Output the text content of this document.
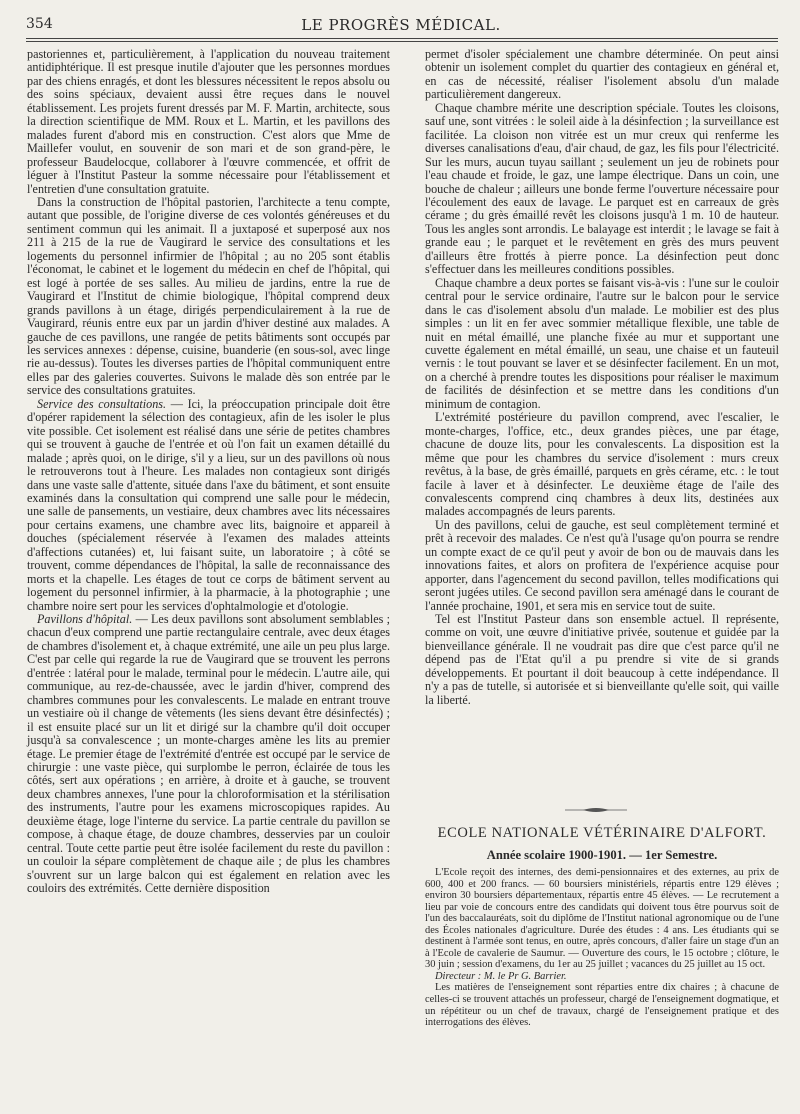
354	LE PROGRÈS MÉDICAL.

pastoriennes et, particulièrement, à l'application du nouveau traitement antidiphtérique. Il est presque inutile d'ajouter que les personnes mordues par des chiens enragés, et dont les blessures nécessitent le repos absolu ou des soins spéciaux, devaient aussi être reçues dans le nouvel établissement. Les projets furent dressés par M. F. Martin, architecte, sous la direction scientifique de MM. Roux et L. Martin, et les pavillons des malades furent d'abord mis en construction. C'est alors que Mme de Maillefer voulut, en souvenir de son mari et de son grand-père, le professeur Baudelocque, collaborer à l'œuvre commencée, et offrit de léguer à l'Institut Pasteur la somme nécessaire pour l'établissement et l'entretien d'une consultation gratuite.

Dans la construction de l'hôpital pastorien, l'architecte a tenu compte, autant que possible, de l'origine diverse de ces volontés généreuses et du sentiment commun qui les animait. Il a juxtaposé et superposé aux nos 211 à 215 de la rue de Vaugirard le service des consultations et les logements du personnel infirmier de l'hôpital ; au no 205 sont établis l'économat, le cabinet et le logement du médecin en chef de l'hôpital, qui est logé à portée de ses salles. Au milieu de jardins, entre la rue de Vaugirard et l'Institut de chimie biologique, l'hôpital comprend deux grands pavillons à un étage, dirigés perpendiculairement à la rue de Vaugirard, réunis entre eux par un jardin d'hiver destiné aux malades. A gauche de ces pavillons, une rangée de petits bâtiments sont occupés par les services annexes : dépense, cuisine, buanderie (en sous-sol, avec linge rie au-dessus). Toutes les diverses parties de l'hôpital communiquent entre elles par des galeries couvertes. Suivons le malade dès son entrée par le service des consultations gratuites.

Service des consultations. — Ici, la préoccupation principale doit être d'opérer rapidement la sélection des contagieux, afin de les isoler le plus vite possible. Cet isolement est réalisé dans une série de petites chambres qui se trouvent à gauche de l'entrée et où l'on fait un examen détaillé du malade ; après quoi, on le dirige, s'il y a lieu, sur un des pavillons où nous le retrouverons tout à l'heure. Les malades non contagieux sont dirigés dans une vaste salle d'attente, située dans l'axe du bâtiment, et sont ensuite examinés dans la consultation qui comprend une salle pour le médecin, une salle de pansements, un vestiaire, deux chambres avec lits nécessaires pour certains examens, une chambre avec lits, baignoire et appareil à douches (spécialement réservée à l'examen des malades atteints d'affections cutanées) et, lui faisant suite, un laboratoire ; à côté se trouvent, comme dépendances de l'hôpital, la salle de reconnaissance des morts et la chapelle. Les étages de tout ce corps de bâtiment servent au logement du personnel infirmier, à la pharmacie, à la photographie ; une chambre noire sert pour les services d'ophtalmologie et d'otologie.

Pavillons d'hôpital. — Les deux pavillons sont absolument semblables ; chacun d'eux comprend une partie rectangulaire centrale, avec deux étages de chambres d'isolement et, à chaque extrémité, une aile un peu plus large. C'est par celle qui regarde la rue de Vaugirard que se trouvent les perrons d'entrée : latéral pour le malade, terminal pour le médecin. L'autre aile, qui communique, au rez-de-chaussée, avec le jardin d'hiver, comprend des chambres communes pour les convalescents. Le malade en entrant trouve un vestiaire où il change de vêtements (les siens devant être désinfectés) ; il est ensuite placé sur un lit et dirigé sur la chambre qu'il doit occuper jusqu'à sa convalescence ; un monte-charges amène les lits au premier étage. Le premier étage de l'extrémité d'entrée est occupé par le service de chirurgie : une vaste pièce, qui surplombe le perron, éclairée de tous les côtés, sert aux opérations ; en arrière, à droite et à gauche, se trouvent deux chambres annexes, l'une pour la chloroformisation et la stérilisation des instruments, l'autre pour les examens microscopiques rapides. Au deuxième étage, loge l'interne du service. La partie centrale du pavillon se compose, à chaque étage, de douze chambres, desservies par un couloir central. Toute cette partie peut être isolée facilement du reste du pavillon : un couloir la sépare complètement de chaque aile ; de plus les chambres s'ouvrent sur un large balcon qui est également en relation avec les couloirs des extrémités. Cette dernière disposition

permet d'isoler spécialement une chambre déterminée. On peut ainsi obtenir un isolement complet du quartier des contagieux en général et, en cas de nécessité, réaliser l'isolement absolu d'un malade particulièrement dangereux.

Chaque chambre mérite une description spéciale. Toutes les cloisons, sauf une, sont vitrées : le soleil aide à la désinfection ; la surveillance est facilitée. La cloison non vitrée est un mur creux qui renferme les diverses canalisations d'eau, d'air chaud, de gaz, les fils pour l'électricité. Sur les murs, aucun tuyau saillant ; seulement un jeu de robinets pour l'eau chaude et froide, le gaz, une lampe électrique. Dans un coin, une bouche de chaleur ; ailleurs une bonde ferme l'ouverture nécessaire pour l'écoulement des eaux de lavage. Le parquet est en carreaux de grès cérame ; du grès émaillé revêt les cloisons jusqu'à 1 m. 10 de hauteur. Tous les angles sont arrondis. Le balayage est interdit ; le lavage se fait à grande eau ; le parquet et le revêtement en grès des murs peuvent d'ailleurs être frottés à pierre ponce. La désinfection peut donc s'effectuer dans les meilleures conditions possibles.

Chaque chambre a deux portes se faisant vis-à-vis : l'une sur le couloir central pour le service ordinaire, l'autre sur le balcon pour le service dans le cas d'isolement absolu d'un malade. Le mobilier est des plus simples : un lit en fer avec sommier métallique flexible, une table de nuit en métal émaillé, une planche fixée au mur et supportant une cuvette également en métal émaillé, un seau, une chaise et un fauteuil vernis : le tout pouvant se laver et se désinfecter facilement. En un mot, on a cherché à prendre toutes les dispositions pour réaliser le maximum de facilités de désinfection et se mettre dans les conditions d'un minimum de contagion.

L'extrémité postérieure du pavillon comprend, avec l'escalier, le monte-charges, l'office, etc., deux grandes pièces, une par étage, chacune de douze lits, pour les convalescents. La disposition est la même que pour les chambres du service d'isolement : murs creux revêtus, à la base, de grès émaillé, parquets en grès cérame, etc. : le tout facile à laver et à désinfecter. Le deuxième étage de l'aile des convalescents comprend cinq chambres à deux lits, destinées aux malades accompagnés de leurs parents.

Un des pavillons, celui de gauche, est seul complètement terminé et prêt à recevoir des malades. Ce n'est qu'à l'usage qu'on pourra se rendre un compte exact de ce qu'il peut y avoir de bon ou de mauvais dans les innovations faites, et alors on profitera de l'expérience acquise pour apporter, dans l'agencement du second pavillon, telles modifications qui seront jugées utiles. Ce second pavillon sera aménagé dans le courant de l'année prochaine, 1901, et sera mis en service tout de suite.

Tel est l'Institut Pasteur dans son ensemble actuel. Il représente, comme on voit, une œuvre d'initiative privée, soutenue et guidée par la bienveillance générale. Il ne voudrait pas dire que c'est parce qu'il ne dépend pas de l'Etat qu'il a pu prendre si vite de si grands développements. Et pourtant il doit beaucoup à cette indépendance. Il n'y a pas de tutelle, si autorisée et si bienveillante qu'elle soit, qui vaille la liberté.

ECOLE NATIONALE VÉTÉRINAIRE D'ALFORT.
Année scolaire 1900-1901. — 1er Semestre.

L'Ecole reçoit des internes, des demi-pensionnaires et des externes, au prix de 600, 400 et 200 francs. — 60 boursiers ministériels, répartis entre 129 élèves ; environ 30 boursiers départementaux, répartis entre 45 élèves. — Le recrutement a lieu par voie de concours entre des candidats qui doivent tous être pourvus soit de l'un des baccalauréats, soit du diplôme de l'Institut national agronomique ou de l'une des Écoles nationales d'agriculture. Durée des études : 4 ans. Les étudiants qui se destinent à l'armée sont tenus, en outre, après concours, d'aller faire un stage d'un an à l'Ecole de cavalerie de Saumur. — Ouverture des cours, le 15 octobre ; clôture, le 30 juin ; session d'examens, du 1er au 25 juillet ; vacances du 25 juillet au 15 oct.

Directeur : M. le Pr G. Barrier.

Les matières de l'enseignement sont réparties entre dix chaires ; à chacune de celles-ci se trouvent attachés un professeur, chargé de l'enseignement dogmatique, et un répétiteur ou un chef de travaux, chargé de l'enseignement pratique et des interrogations des élèves.
